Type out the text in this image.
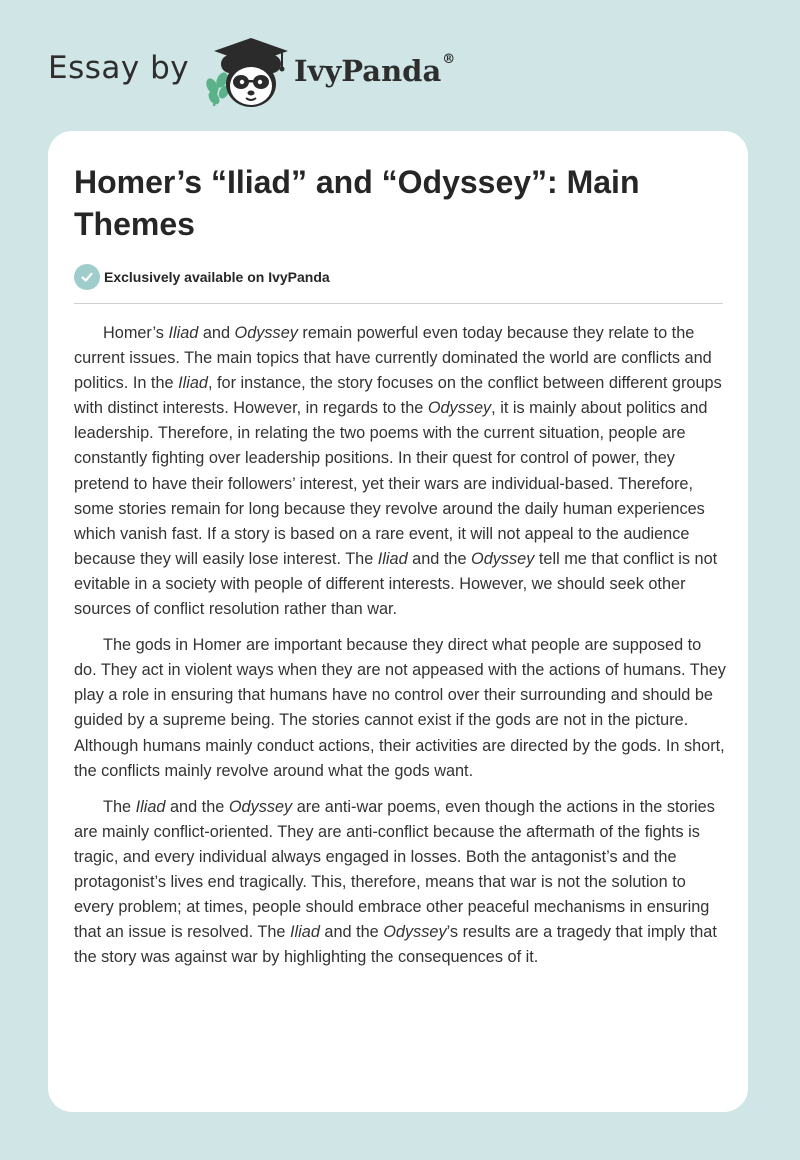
Essay by	IvyPanda®
Homer’s “Iliad” and “Odyssey”: Main Themes
Exclusively available on IvyPanda

Homer’s Iliad and Odyssey remain powerful even today because they relate to the current issues. The main topics that have currently dominated the world are conflicts and politics. In the Iliad, for instance, the story focuses on the conflict between different groups with distinct interests. However, in regards to the Odyssey, it is mainly about politics and leadership. Therefore, in relating the two poems with the current situation, people are constantly fighting over leadership positions. In their quest for control of power, they pretend to have their followers’ interest, yet their wars are individual-based. Therefore, some stories remain for long because they revolve around the daily human experiences which vanish fast. If a story is based on a rare event, it will not appeal to the audience because they will easily lose interest. The Iliad and the Odyssey tell me that conflict is not evitable in a society with people of different interests. However, we should seek other sources of conflict resolution rather than war.

The gods in Homer are important because they direct what people are supposed to do. They act in violent ways when they are not appeased with the actions of humans. They play a role in ensuring that humans have no control over their surrounding and should be guided by a supreme being. The stories cannot exist if the gods are not in the picture. Although humans mainly conduct actions, their activities are directed by the gods. In short, the conflicts mainly revolve around what the gods want.

The Iliad and the Odyssey are anti-war poems, even though the actions in the stories are mainly conflict-oriented. They are anti-conflict because the aftermath of the fights is tragic, and every individual always engaged in losses. Both the antagonist’s and the protagonist’s lives end tragically. This, therefore, means that war is not the solution to every problem; at times, people should embrace other peaceful mechanisms in ensuring that an issue is resolved. The Iliad and the Odyssey’s results are a tragedy that imply that the story was against war by highlighting the consequences of it.
